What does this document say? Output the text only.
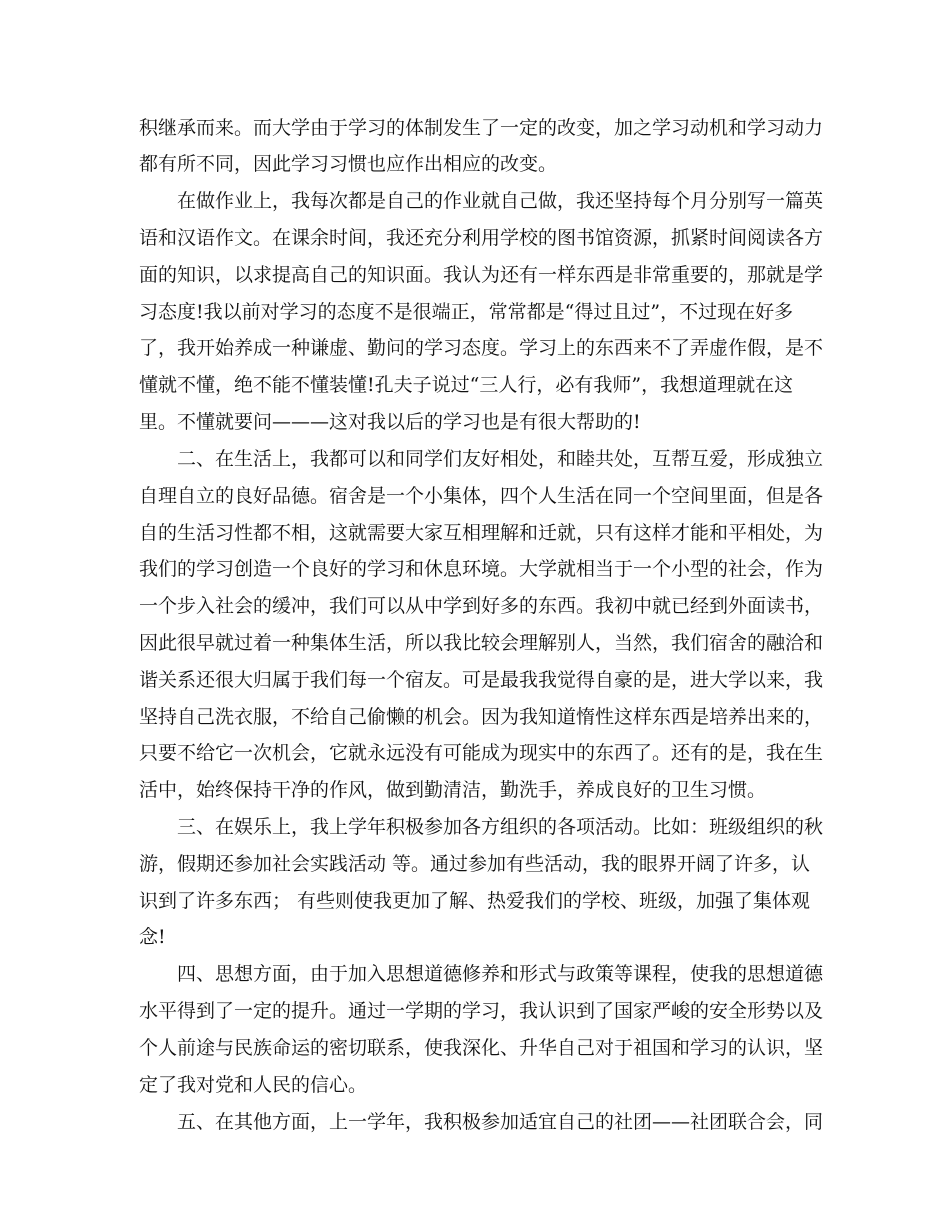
积继承而来。而大学由于学习的体制发生了一定的改变，加之学习动机和学习动力
都有所不同，因此学习习惯也应作出相应的改变。
在做作业上，我每次都是自己的作业就自己做，我还坚持每个月分别写一篇英
语和汉语作文。在课余时间，我还充分利用学校的图书馆资源，抓紧时间阅读各方
面的知识，以求提高自己的知识面。我认为还有一样东西是非常重要的，那就是学
习态度!我以前对学习的态度不是很端正，常常都是“得过且过”，不过现在好多
了，我开始养成一种谦虚、勤问的学习态度。学习上的东西来不了弄虚作假，是不
懂就不懂，绝不能不懂装懂!孔夫子说过“三人行，必有我师”，我想道理就在这
里。不懂就要问———这对我以后的学习也是有很大帮助的!
二、在生活上，我都可以和同学们友好相处，和睦共处，互帮互爱，形成独立
自理自立的良好品德。宿舍是一个小集体，四个人生活在同一个空间里面，但是各
自的生活习性都不相，这就需要大家互相理解和迁就，只有这样才能和平相处，为
我们的学习创造一个良好的学习和休息环境。大学就相当于一个小型的社会，作为
一个步入社会的缓冲，我们可以从中学到好多的东西。我初中就已经到外面读书，
因此很早就过着一种集体生活，所以我比较会理解别人，当然，我们宿舍的融洽和
谐关系还很大归属于我们每一个宿友。可是最我我觉得自豪的是，进大学以来，我
坚持自己洗衣服，不给自己偷懒的机会。因为我知道惰性这样东西是培养出来的，
只要不给它一次机会，它就永远没有可能成为现实中的东西了。还有的是，我在生
活中，始终保持干净的作风，做到勤清洁，勤洗手，养成良好的卫生习惯。
三、在娱乐上，我上学年积极参加各方组织的各项活动。比如：班级组织的秋
游，假期还参加社会实践活动 等。通过参加有些活动，我的眼界开阔了许多，认
识到了许多东西； 有些则使我更加了解、热爱我们的学校、班级，加强了集体观
念!
四、思想方面，由于加入思想道德修养和形式与政策等课程，使我的思想道德
水平得到了一定的提升。通过一学期的学习，我认识到了国家严峻的安全形势以及
个人前途与民族命运的密切联系，使我深化、升华自己对于祖国和学习的认识，坚
定了我对党和人民的信心。
五、在其他方面，上一学年，我积极参加适宜自己的社团——社团联合会，同
